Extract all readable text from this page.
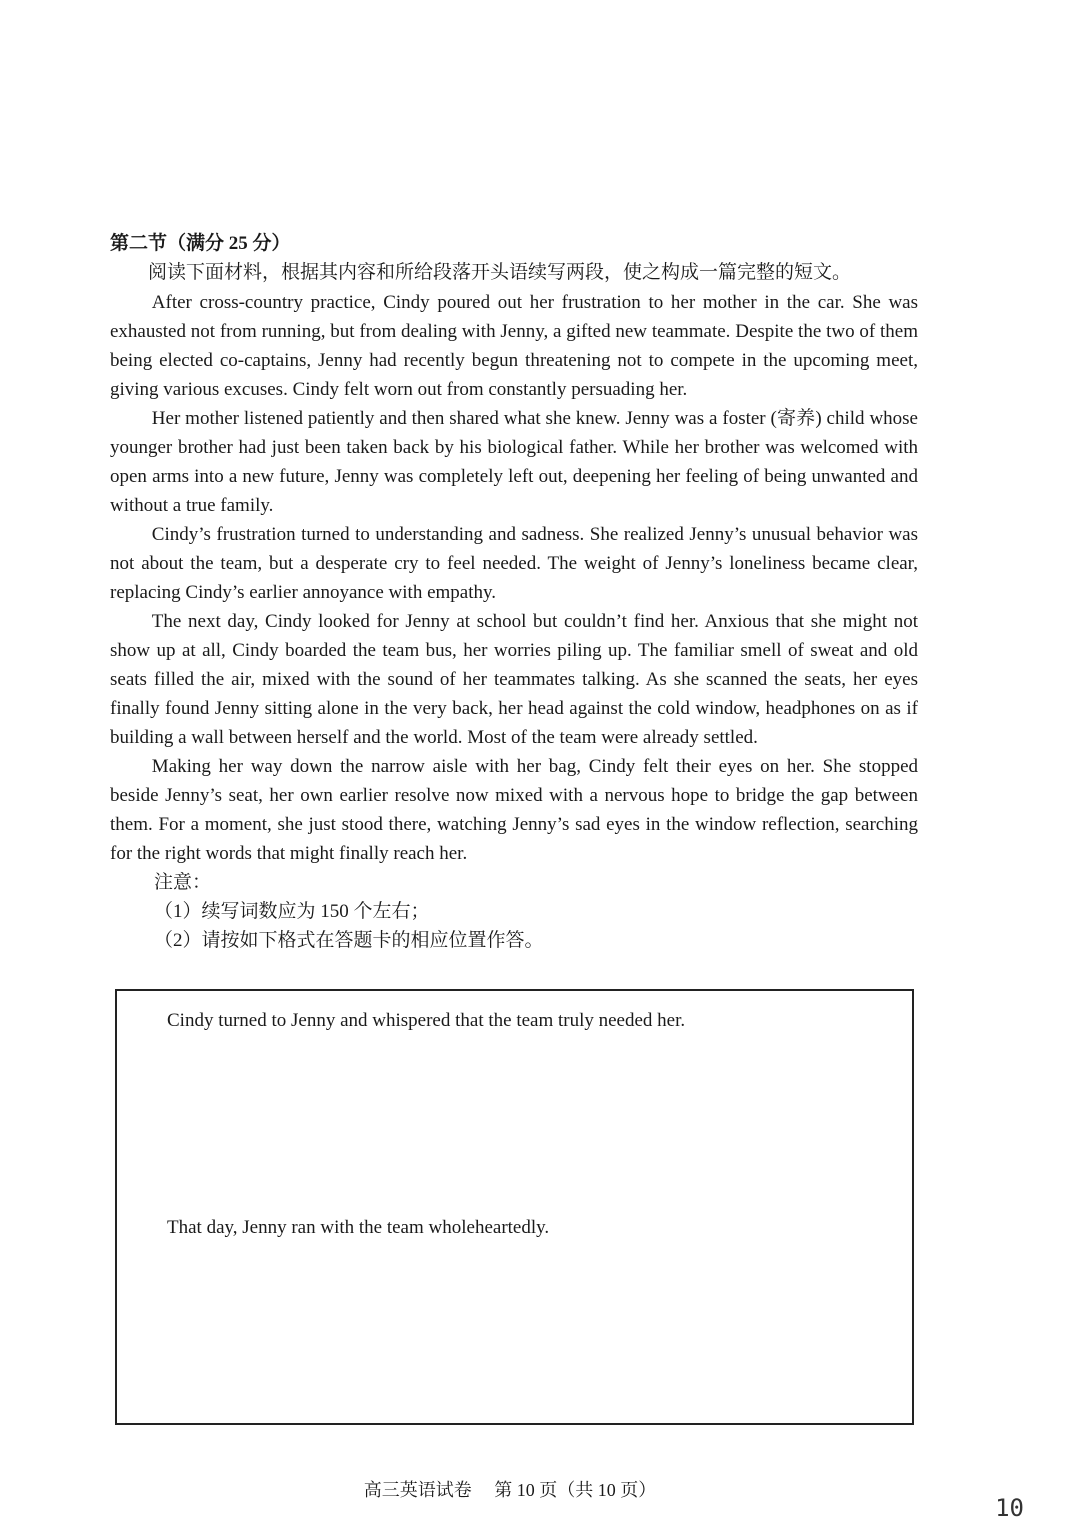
第二节（满分 25 分）

阅读下面材料，根据其内容和所给段落开头语续写两段，使之构成一篇完整的短文。

After cross-country practice, Cindy poured out her frustration to her mother in the car. She was exhausted not from running, but from dealing with Jenny, a gifted new teammate. Despite the two of them being elected co-captains, Jenny had recently begun threatening not to compete in the upcoming meet, giving various excuses. Cindy felt worn out from constantly persuading her.

Her mother listened patiently and then shared what she knew. Jenny was a foster (寄养) child whose younger brother had just been taken back by his biological father. While her brother was welcomed with open arms into a new future, Jenny was completely left out, deepening her feeling of being unwanted and without a true family.

Cindy’s frustration turned to understanding and sadness. She realized Jenny’s unusual behavior was not about the team, but a desperate cry to feel needed. The weight of Jenny’s loneliness became clear, replacing Cindy’s earlier annoyance with empathy.

The next day, Cindy looked for Jenny at school but couldn’t find her. Anxious that she might not show up at all, Cindy boarded the team bus, her worries piling up. The familiar smell of sweat and old seats filled the air, mixed with the sound of her teammates talking. As she scanned the seats, her eyes finally found Jenny sitting alone in the very back, her head against the cold window, headphones on as if building a wall between herself and the world. Most of the team were already settled.

Making her way down the narrow aisle with her bag, Cindy felt their eyes on her. She stopped beside Jenny’s seat, her own earlier resolve now mixed with a nervous hope to bridge the gap between them. For a moment, she just stood there, watching Jenny’s sad eyes in the window reflection, searching for the right words that might finally reach her.

注意：

（1）续写词数应为 150 个左右；

（2）请按如下格式在答题卡的相应位置作答。

Cindy turned to Jenny and whispered that the team truly needed her.

That day, Jenny ran with the team wholeheartedly.

高三英语试卷　 第 10 页（共 10 页）
10
